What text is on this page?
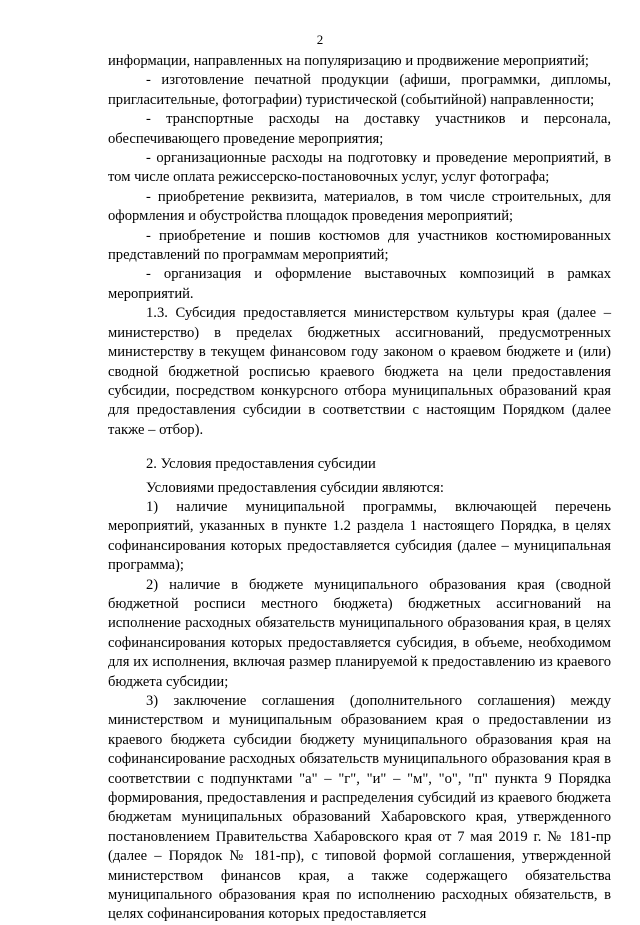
2

информации, направленных на популяризацию и продвижение мероприятий;

- изготовление печатной продукции (афиши, программки, дипломы, пригласительные, фотографии) туристической (событийной) направленности;

- транспортные расходы на доставку участников и персонала, обеспечивающего проведение мероприятия;

- организационные расходы на подготовку и проведение мероприятий, в том числе оплата режиссерско-постановочных услуг, услуг фотографа;

- приобретение реквизита, материалов, в том числе строительных, для оформления и обустройства площадок проведения мероприятий;

- приобретение и пошив костюмов для участников костюмированных представлений по программам мероприятий;

- организация и оформление выставочных композиций в рамках мероприятий.

1.3. Субсидия предоставляется министерством культуры края (далее – министерство) в пределах бюджетных ассигнований, предусмотренных министерству в текущем финансовом году законом о краевом бюджете и (или) сводной бюджетной росписью краевого бюджета на цели предоставления субсидии, посредством конкурсного отбора муниципальных образований края для предоставления субсидии в соответствии с настоящим Порядком (далее также – отбор).

2. Условия предоставления субсидии

Условиями предоставления субсидии являются:

1) наличие муниципальной программы, включающей перечень мероприятий, указанных в пункте 1.2 раздела 1 настоящего Порядка, в целях софинансирования которых предоставляется субсидия (далее – муниципальная программа);

2) наличие в бюджете муниципального образования края (сводной бюджетной росписи местного бюджета) бюджетных ассигнований на исполнение расходных обязательств муниципального образования края, в целях софинансирования которых предоставляется субсидия, в объеме, необходимом для их исполнения, включая размер планируемой к предоставлению из краевого бюджета субсидии;

3) заключение соглашения (дополнительного соглашения) между министерством и муниципальным образованием края о предоставлении из краевого бюджета субсидии бюджету муниципального образования края на софинансирование расходных обязательств муниципального образования края в соответствии с подпунктами "а" – "г", "и" – "м", "о", "п" пункта 9 Порядка формирования, предоставления и распределения субсидий из краевого бюджета бюджетам муниципальных образований Хабаровского края, утвержденного постановлением Правительства Хабаровского края от 7 мая 2019 г. № 181-пр (далее – Порядок № 181-пр), с типовой формой соглашения, утвержденной министерством финансов края, а также содержащего обязательства муниципального образования края по исполнению расходных обязательств, в целях софинансирования которых предоставляется
